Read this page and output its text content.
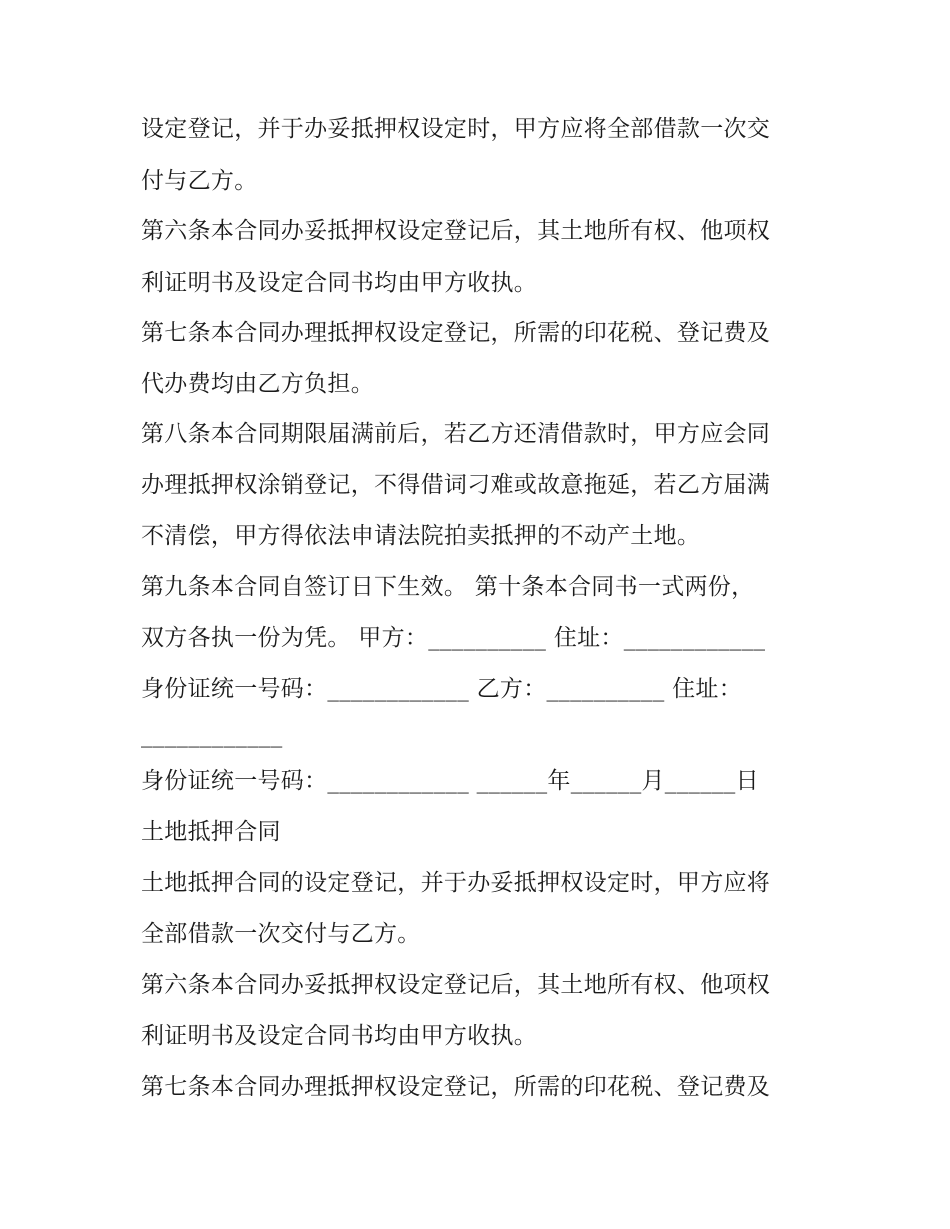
设定登记，并于办妥抵押权设定时，甲方应将全部借款一次交
付与乙方。
第六条本合同办妥抵押权设定登记后，其土地所有权、他项权
利证明书及设定合同书均由甲方收执。
第七条本合同办理抵押权设定登记，所需的印花税、登记费及
代办费均由乙方负担。
第八条本合同期限届满前后，若乙方还清借款时，甲方应会同
办理抵押权涂销登记，不得借词刁难或故意拖延，若乙方届满
不清偿，甲方得依法申请法院拍卖抵押的不动产土地。
第九条本合同自签订日下生效。 第十条本合同书一式两份，
双方各执一份为凭。 甲方：__________ 住址：____________
身份证统一号码：____________ 乙方：__________ 住址：
____________
身份证统一号码：____________ ______年______月______日
土地抵押合同
土地抵押合同的设定登记，并于办妥抵押权设定时，甲方应将
全部借款一次交付与乙方。
第六条本合同办妥抵押权设定登记后，其土地所有权、他项权
利证明书及设定合同书均由甲方收执。
第七条本合同办理抵押权设定登记，所需的印花税、登记费及
